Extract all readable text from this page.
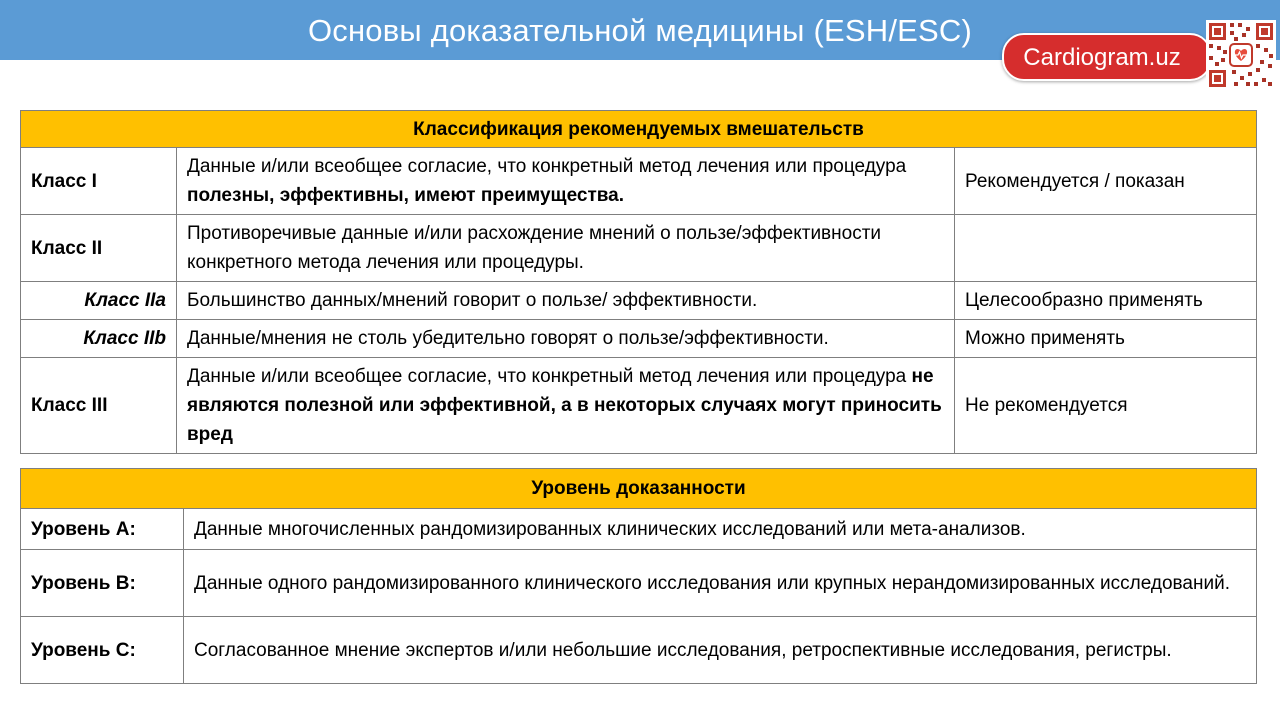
Основы доказательной медицины (ESH/ESC)
Cardiogram.uz
Классификация рекомендуемых вмешательств		
Класс I	Данные и/или всеобщее согласие, что конкретный метод лечения или процедура полезны, эффективны, имеют преимущества.	Рекомендуется / показан
Класс II	Противоречивые данные и/или расхождение мнений о пользе/эффективности конкретного метода лечения или процедуры.	
Класс IIa	Большинство данных/мнений говорит о пользе/ эффективности.	Целесообразно применять
Класс IIb	Данные/мнения не столь убедительно говорят о пользе/эффективности.	Можно применять
Класс III	Данные и/или всеобщее согласие, что конкретный метод лечения или процедура не являются полезной или эффективной, а в некоторых случаях могут приносить вред	Не рекомендуется
Уровень доказанности	
Уровень А:	Данные многочисленных рандомизированных клинических исследований или мета-анализов.
Уровень В:	Данные одного рандомизированного клинического исследования или крупных нерандомизированных исследований.
Уровень С:	Согласованное мнение экспертов и/или небольшие исследования, ретроспективные исследования, регистры.
